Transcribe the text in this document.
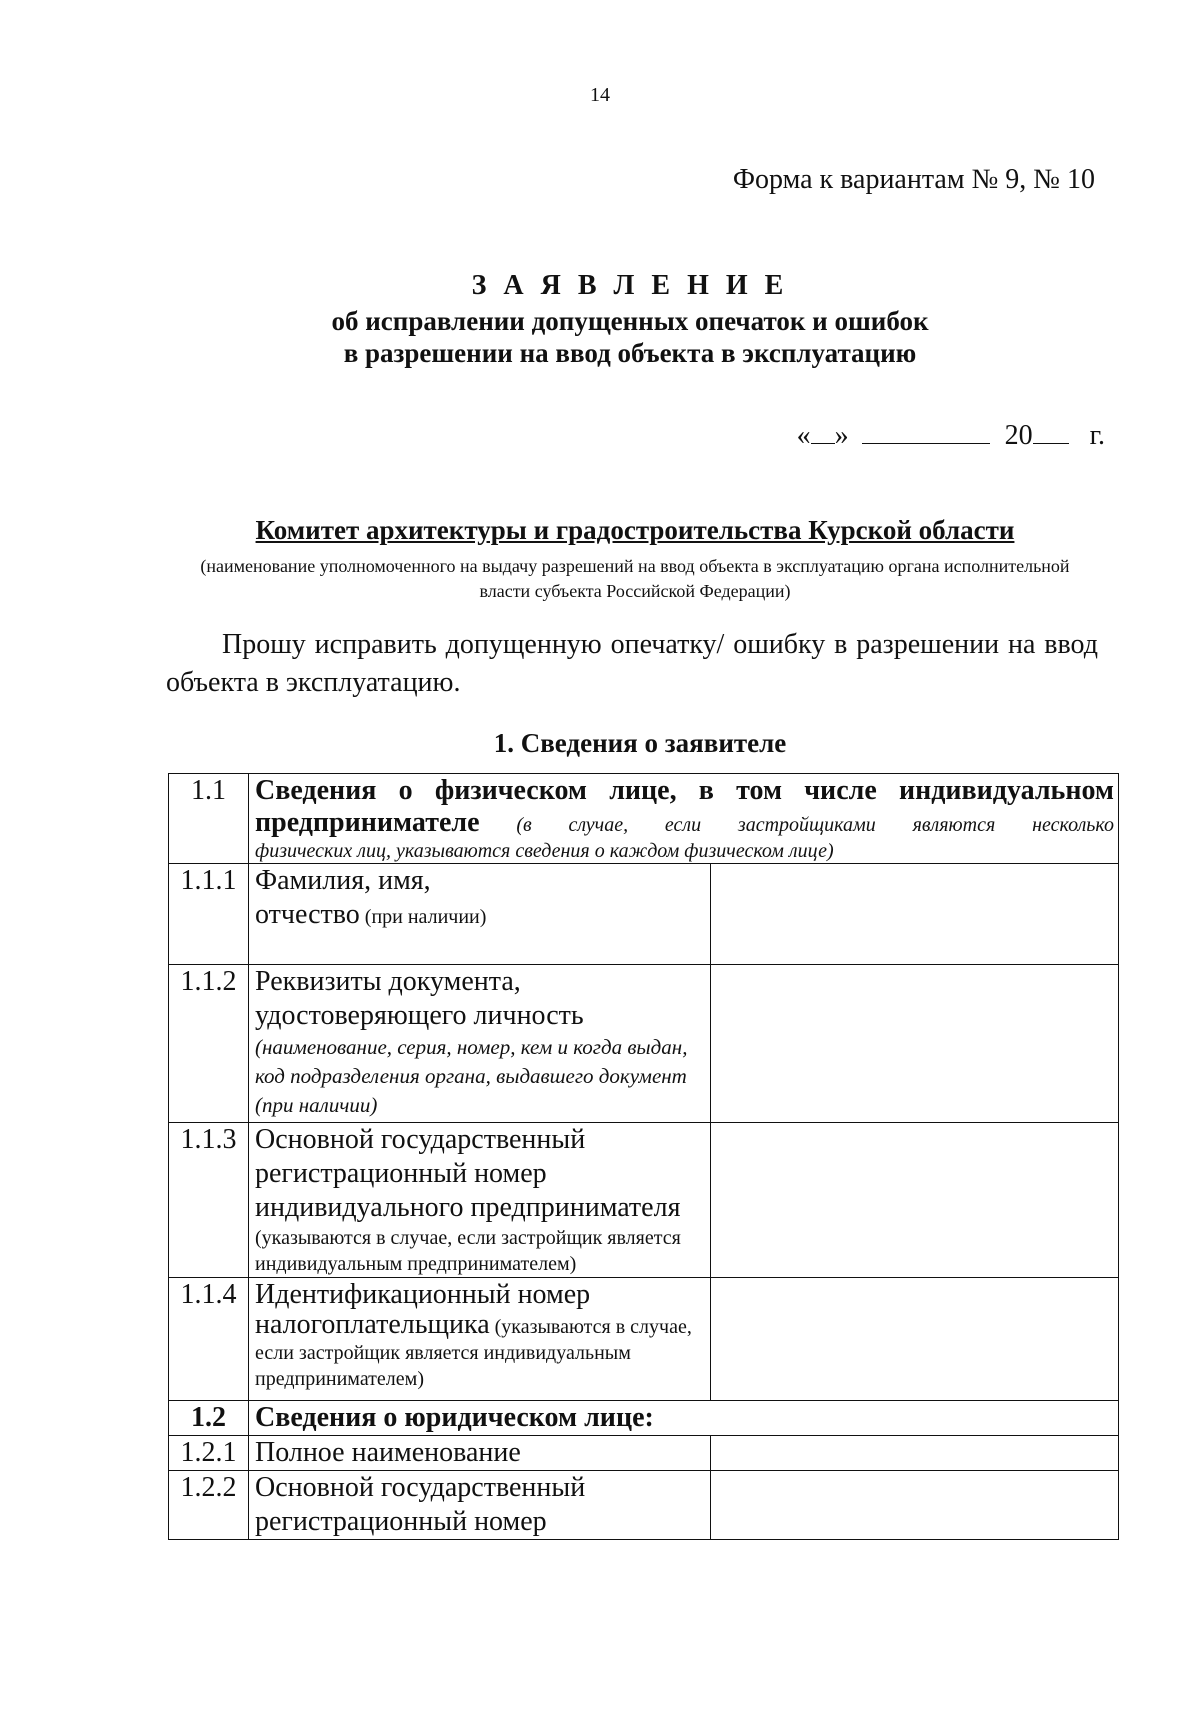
14
Форма к вариантам № 9, № 10
З А Я В Л Е Н И Е
об исправлении допущенных опечаток и ошибок
в разрешении на ввод объекта в эксплуатацию
« »	20 г.
Комитет архитектуры и градостроительства Курской области
(наименование уполномоченного на выдачу разрешений на ввод объекта в эксплуатацию органа исполнительной власти субъекта Российской Федерации)
Прошу исправить допущенную опечатку/ ошибку в разрешении на ввод объекта в эксплуатацию.
1. Сведения о заявителе
1.1	Сведения о физическом лице, в том числе индивидуальном
предпринимателе (в случае, если застройщиками являются несколько
физических лиц, указываются сведения о каждом физическом лице)	

1.1.1	Фамилия, имя,
отчество (при наличии)	

1.1.2	Реквизиты документа,
удостоверяющего личность
(наименование, серия, номер, кем и когда выдан, код подразделения органа, выдавшего документ (при наличии)	

1.1.3	Основной государственный
регистрационный номер
индивидуального предпринимателя
(указываются в случае, если застройщик является индивидуальным предпринимателем)	

1.1.4	Идентификационный номер
налогоплательщика (указываются в случае, если застройщик является индивидуальным предпринимателем)	

1.2	Сведения о юридическом лице:	
1.2.1	Полное наименование	
1.2.2	Основной государственный
регистрационный номер	
